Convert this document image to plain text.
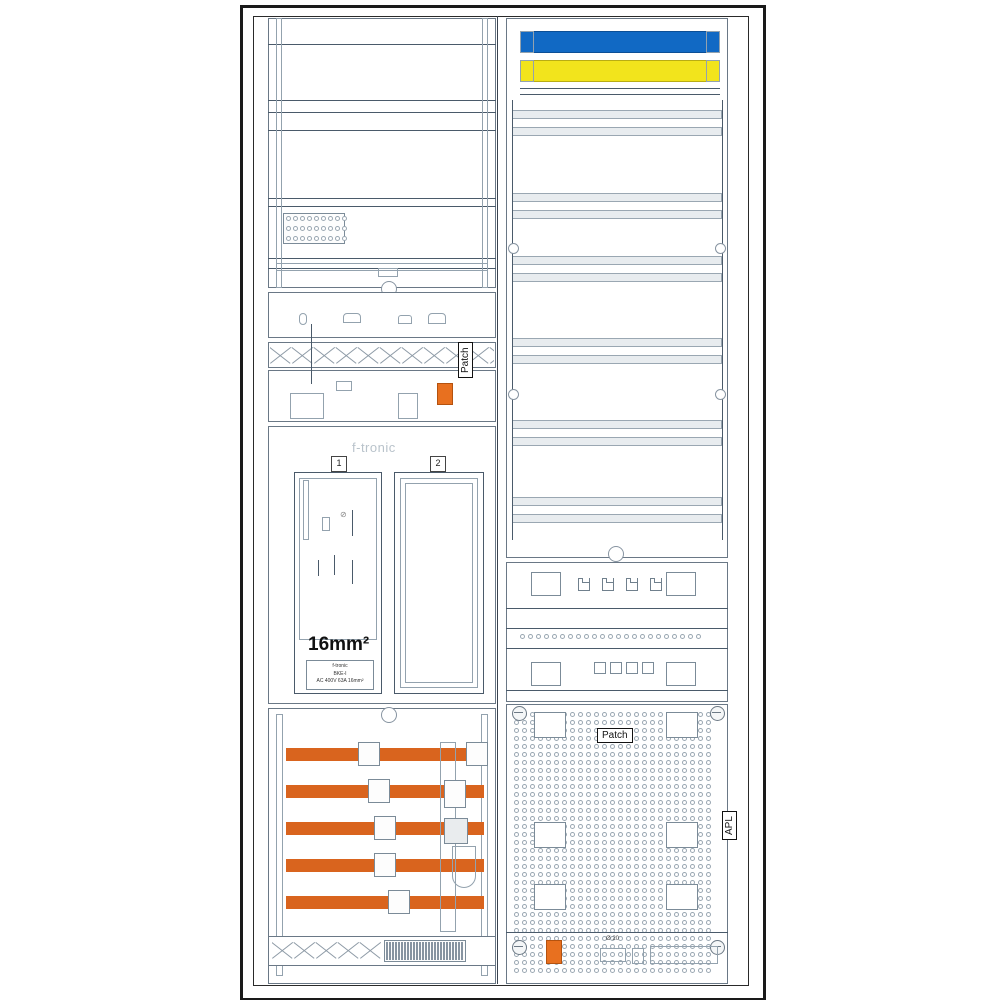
Patch
f-tronic
1	2
⊘
16mm²
f-tronic
BKE-I
AC 400V 63A 16mm²
Patch
APL
Ø 20
